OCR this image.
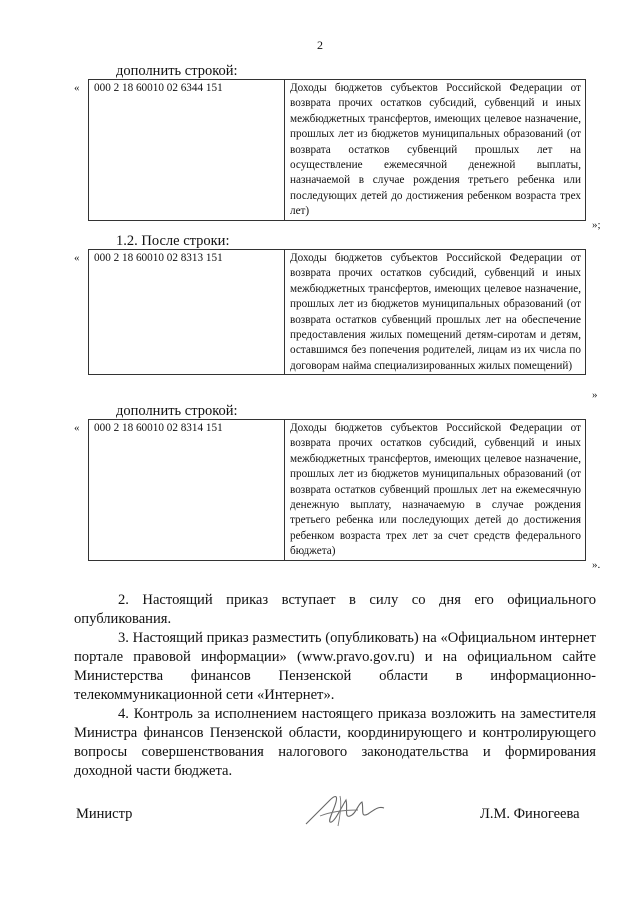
2
дополнить строкой:
« 000 2 18 60010 02 6344 151	Доходы бюджетов субъектов Российской Федерации от возврата прочих остатков субсидий, субвенций и иных межбюджетных трансфертов, имеющих целевое назначение, прошлых лет из бюджетов муниципальных образований (от возврата остатков субвенций прошлых лет на осуществление ежемесячной денежной выплаты, назначаемой в случае рождения третьего ребенка или последующих детей до достижения ребенком возраста трех лет)
»;
1.2. После строки:
« 000 2 18 60010 02 8313 151	Доходы бюджетов субъектов Российской Федерации от возврата прочих остатков субсидий, субвенций и иных межбюджетных трансфертов, имеющих целевое назначение, прошлых лет из бюджетов муниципальных образований (от возврата остатков субвенций прошлых лет на обеспечение предоставления жилых помещений детям-сиротам и детям, оставшимся без попечения родителей, лицам из их числа по договорам найма специализированных жилых помещений)
»
дополнить строкой:
« 000 2 18 60010 02 8314 151	Доходы бюджетов субъектов Российской Федерации от возврата прочих остатков субсидий, субвенций и иных межбюджетных трансфертов, имеющих целевое назначение, прошлых лет из бюджетов муниципальных образований (от возврата остатков субвенций прошлых лет на ежемесячную денежную выплату, назначаемую в случае рождения третьего ребенка или последующих детей до достижения ребенком возраста трех лет за счет средств федерального бюджета)
».
2. Настоящий приказ вступает в силу со дня его официального опубликования.
3. Настоящий приказ разместить (опубликовать) на «Официальном интернет портале правовой информации» (www.pravo.gov.ru) и на официальном сайте Министерства финансов Пензенской области в информационно-телекоммуникационной сети «Интернет».
4. Контроль за исполнением настоящего приказа возложить на заместителя Министра финансов Пензенской области, координирующего и контролирующего вопросы совершенствования налогового законодательства и формирования доходной части бюджета.
Министр	Л.М. Финогеева
